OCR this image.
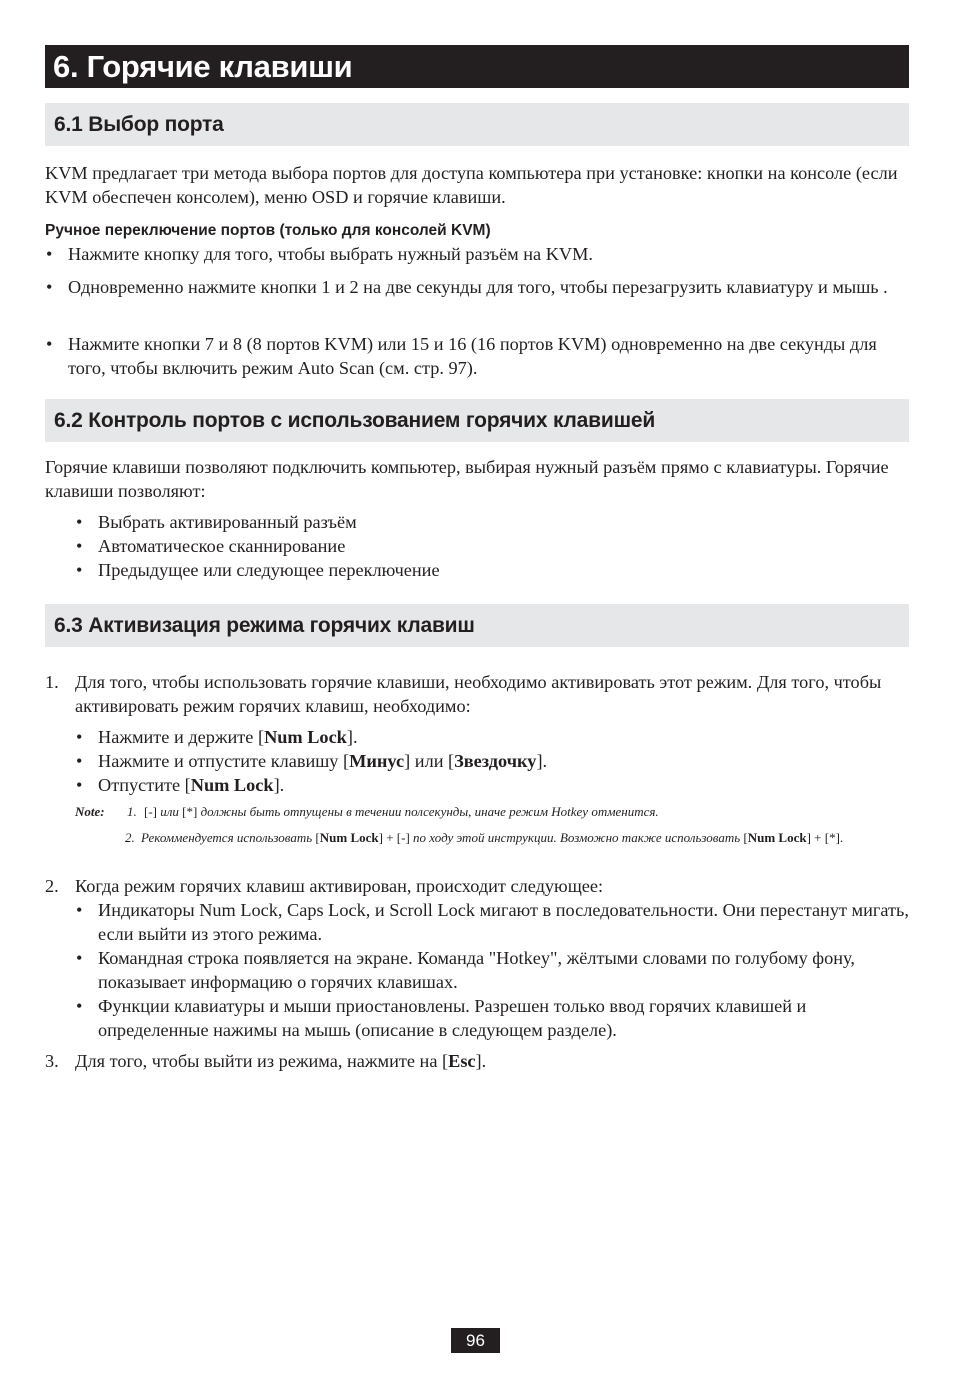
6. Горячие клавиши
6.1 Выбор порта
KVM предлагает три метода выбора портов для доступа компьютера при установке: кнопки на консоле (если KVM обеспечен консолем), меню OSD и горячие клавиши.
Ручное переключение портов (только для консолей KVM)
• Нажмите кнопку для того, чтобы выбрать нужный разъём на KVM.
• Одновременно нажмите кнопки 1 и 2 на две секунды для того, чтобы перезагрузить клавиатуру и мышь .
• Нажмите кнопки 7 и 8 (8 портов KVM) или 15 и 16 (16 портов KVM) одновременно на две секунды для того, чтобы включить режим Auto Scan (см. стр. 97).
6.2 Контроль портов с использованием горячих клавишей
Горячие клавиши позволяют подключить компьютер, выбирая нужный разъём прямо с клавиатуры. Горячие клавиши позволяют:
• Выбрать активированный разъём
• Автоматическое сканнирование
• Предыдущее или следующее переключение
6.3 Активизация режима горячих клавиш
1. Для того, чтобы использовать горячие клавиши, необходимо активировать этот режим. Для того, чтобы активировать режим горячих клавиш, необходимо:
• Нажмите и держите [Num Lock].
• Нажмите и отпустите клавишу [Минус] или [Звездочку].
• Отпустите [Num Lock].
Note: 1. [-] или [*] должны быть отпущены в течении полсекунды, иначе режим Hotkey отменится.
2. Рекоммендуется использовать [Num Lock] + [-] по ходу этой инструкции. Возможно также использовать [Num Lock] + [*].
2. Когда режим горячих клавиш активирован, происходит следующее:
• Индикаторы Num Lock, Caps Lock, и Scroll Lock мигают в последовательности. Они перестанут мигать, если выйти из этого режима.
• Командная строка появляется на экране. Команда "Hotkey", жёлтыми словами по голубому фону, показывает информацию о горячих клавишах.
• Функции клавиатуры и мыши приостановлены. Разрешен только ввод горячих клавишей и определенные нажимы на мышь (описание в следующем разделе).
3. Для того, чтобы выйти из режима, нажмите на [Esc].
96
